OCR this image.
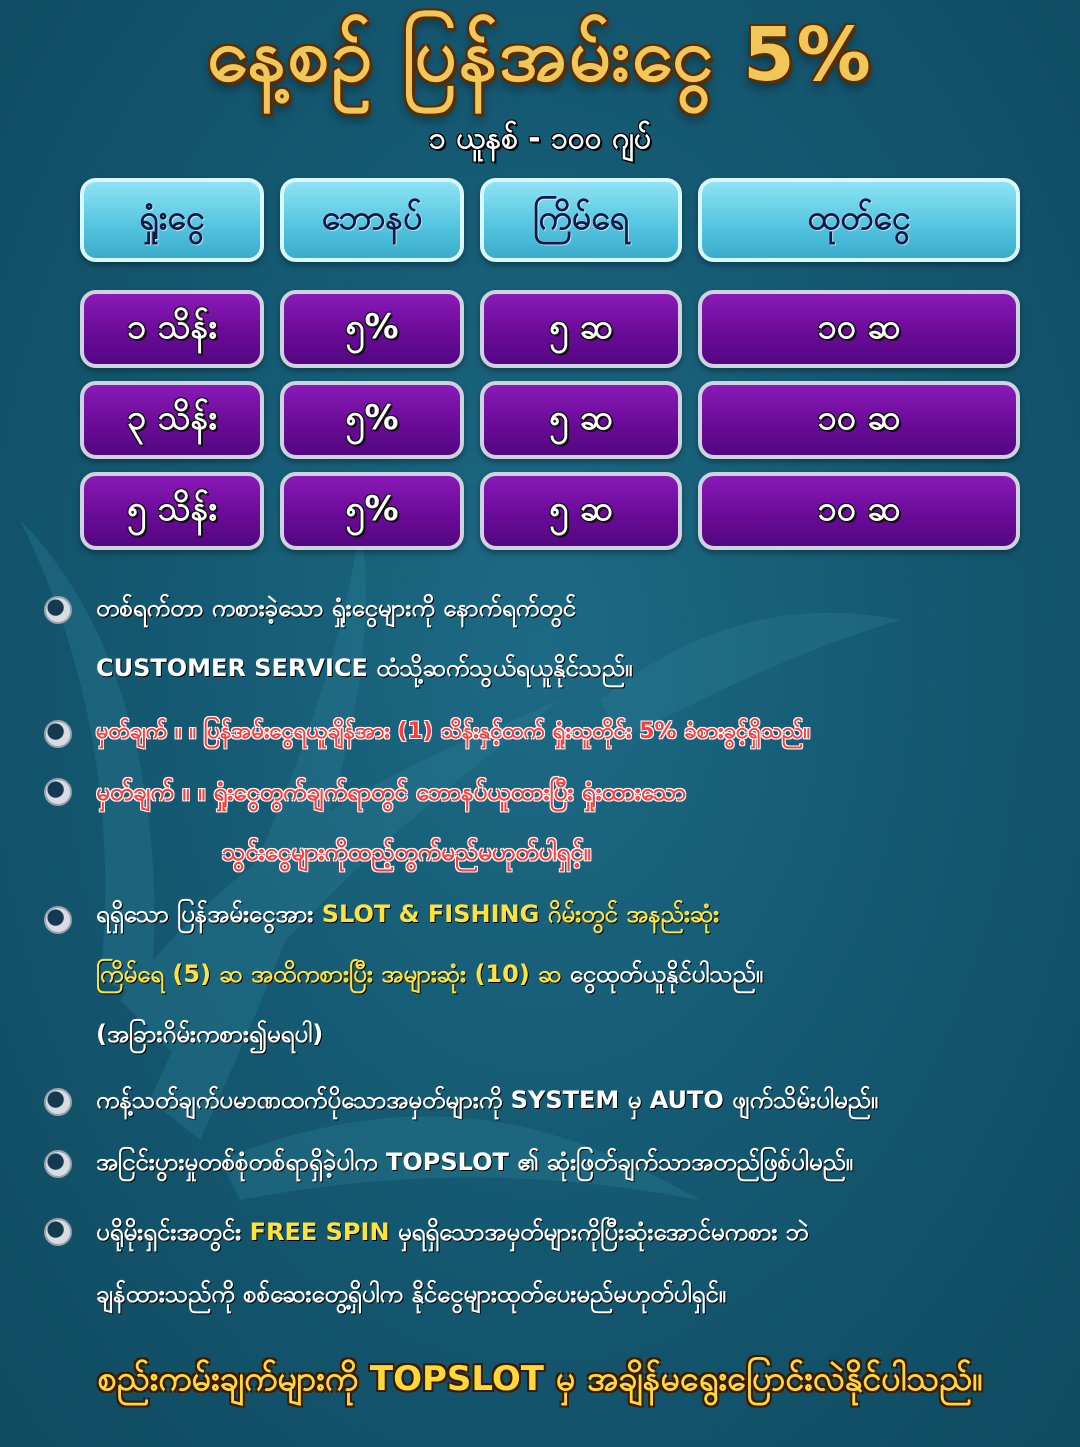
နေ့စဉ် ပြန်အမ်းငွေ 5%
၁ ယူနစ် - ၁၀၀ ဂျပ်
ရှုံးငွေ	ဘောနပ်	ကြိမ်ရေ	ထုတ်ငွေ
၁ သိန်း	၅%	၅ ဆ	၁၀ ဆ
၃ သိန်း	၅%	၅ ဆ	၁၀ ဆ
၅ သိန်း	၅%	၅ ဆ	၁၀ ဆ
တစ်ရက်တာ ကစားခဲ့သော ရှုံးငွေများကို နောက်ရက်တွင်
CUSTOMER SERVICE ထံသို့ဆက်သွယ်ရယူနိုင်သည်။
မှတ်ချက် ။ ။ ပြန်အမ်းငွေရယူချိန်အား (1) သိန်းနှင့်ထက် ရှုံးသူတိုင်း 5% ခံစားခွင့်ရှိသည်။
မှတ်ချက် ။ ။ ရှုံးငွေတွက်ချက်ရာတွင် ဘောနပ်ယူထားပြီး ရှုံးထားသော
သွင်းငွေများကိုထည့်တွက်မည်မဟုတ်ပါရှင့်။
ရရှိသော ပြန်အမ်းငွေအား SLOT & FISHING ဂိမ်းတွင် အနည်းဆုံး
ကြိမ်ရေ (5) ဆ အထိကစားပြီး အများဆုံး (10) ဆ ငွေထုတ်ယူနိုင်ပါသည်။
(အခြားဂိမ်းကစား၍မရပါ)
ကန့်သတ်ချက်ပမာဏထက်ပိုသောအမှတ်များကို SYSTEM မှ AUTO ဖျက်သိမ်းပါမည်။
အငြင်းပွားမှုတစ်စုံတစ်ရာရှိခဲ့ပါက TOPSLOT ၏ ဆုံးဖြတ်ချက်သာအတည်ဖြစ်ပါမည်။
ပရိုမိုးရှင်းအတွင်း FREE SPIN မှရရှိသောအမှတ်များကိုပြီးဆုံးအောင်မကစား ဘဲ
ချန်ထားသည်ကို စစ်ဆေးတွေ့ရှိပါက နိုင်ငွေများထုတ်ပေးမည်မဟုတ်ပါရှင်။
စည်းကမ်းချက်များကို TOPSLOT မှ အချိန်မရွေးပြောင်းလဲနိုင်ပါသည်။
